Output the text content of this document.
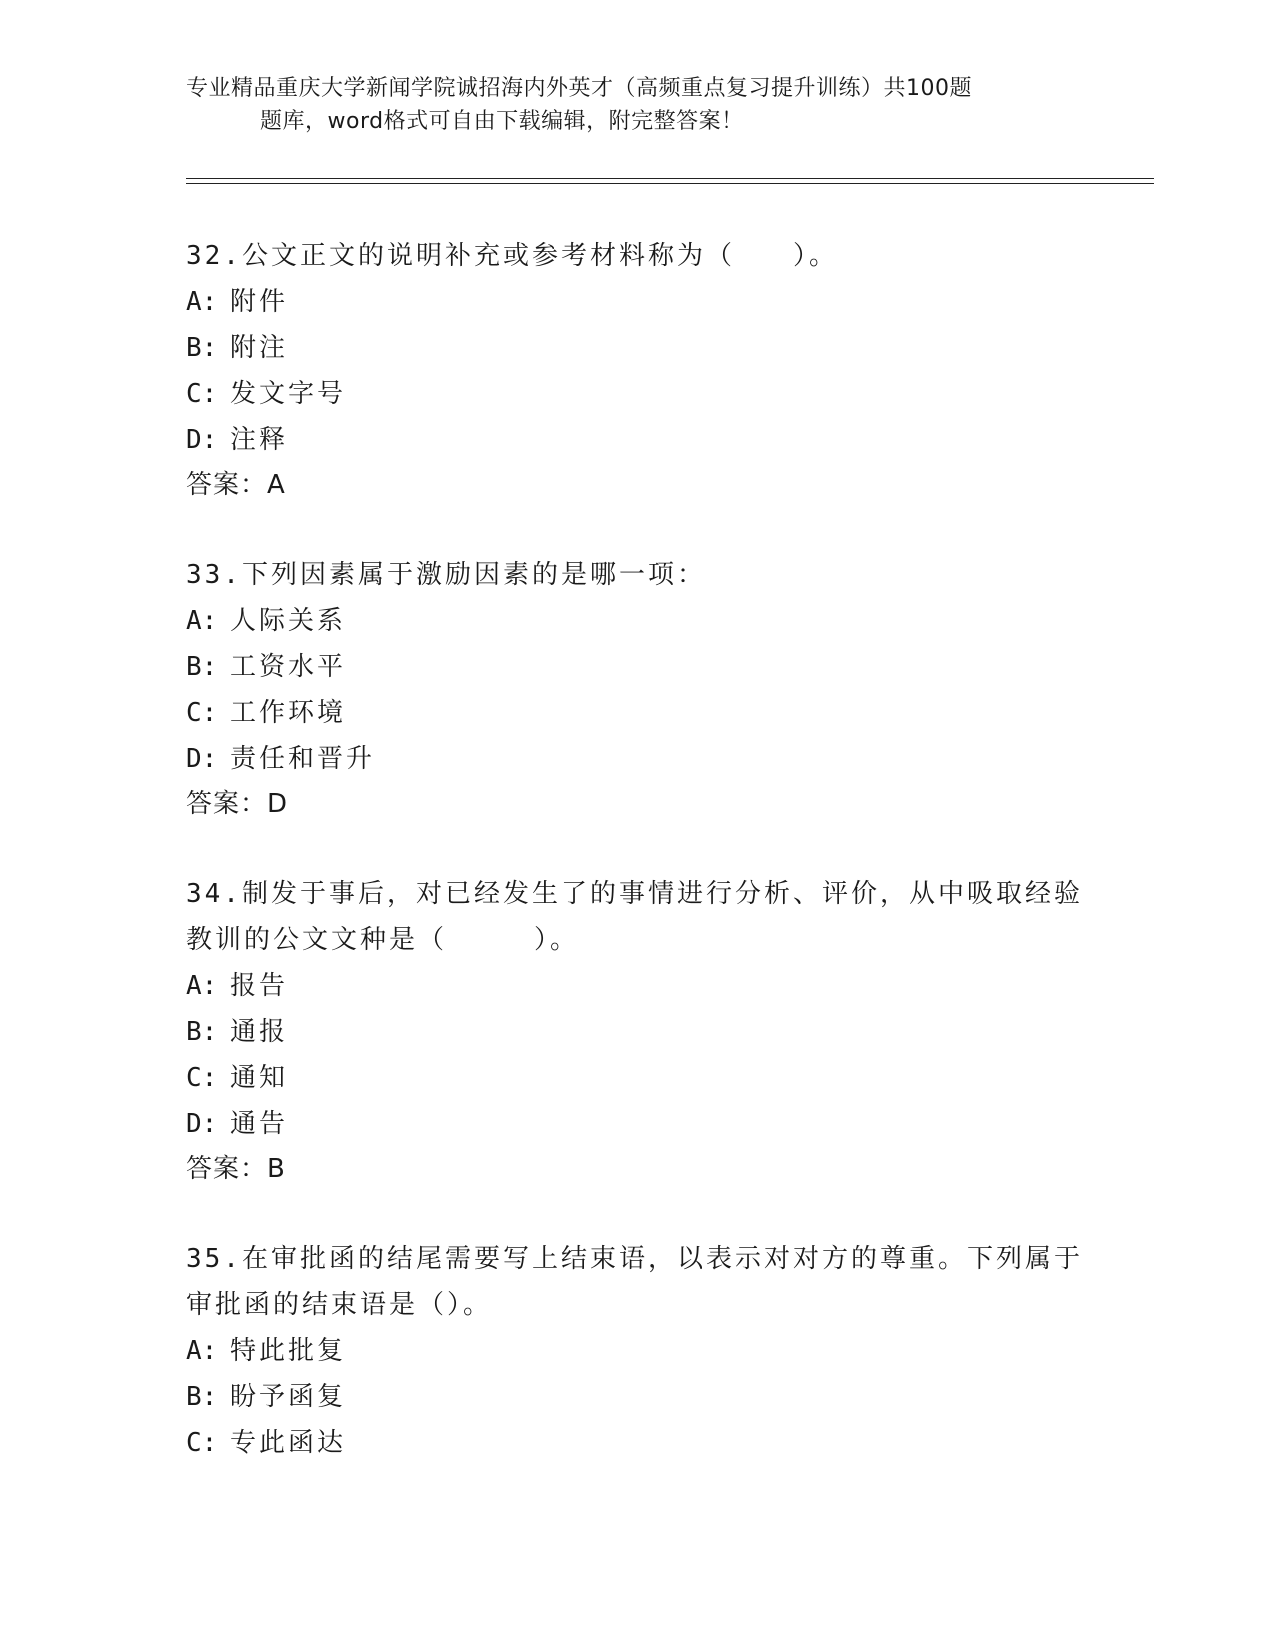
专业精品重庆大学新闻学院诚招海内外英才（高频重点复习提升训练）共100题
题库，word格式可自由下载编辑，附完整答案！
32.公文正文的说明补充或参考材料称为（　　）。
A: 附件
B: 附注
C: 发文字号
D: 注释
答案：A
33.下列因素属于激励因素的是哪一项：
A: 人际关系
B: 工资水平
C: 工作环境
D: 责任和晋升
答案：D
34.制发于事后，对已经发生了的事情进行分析、评价，从中吸取经验教训的公文文种是（　　　）。
A: 报告
B: 通报
C: 通知
D: 通告
答案：B
35.在审批函的结尾需要写上结束语，以表示对对方的尊重。下列属于审批函的结束语是（）。
A: 特此批复
B: 盼予函复
C: 专此函达
